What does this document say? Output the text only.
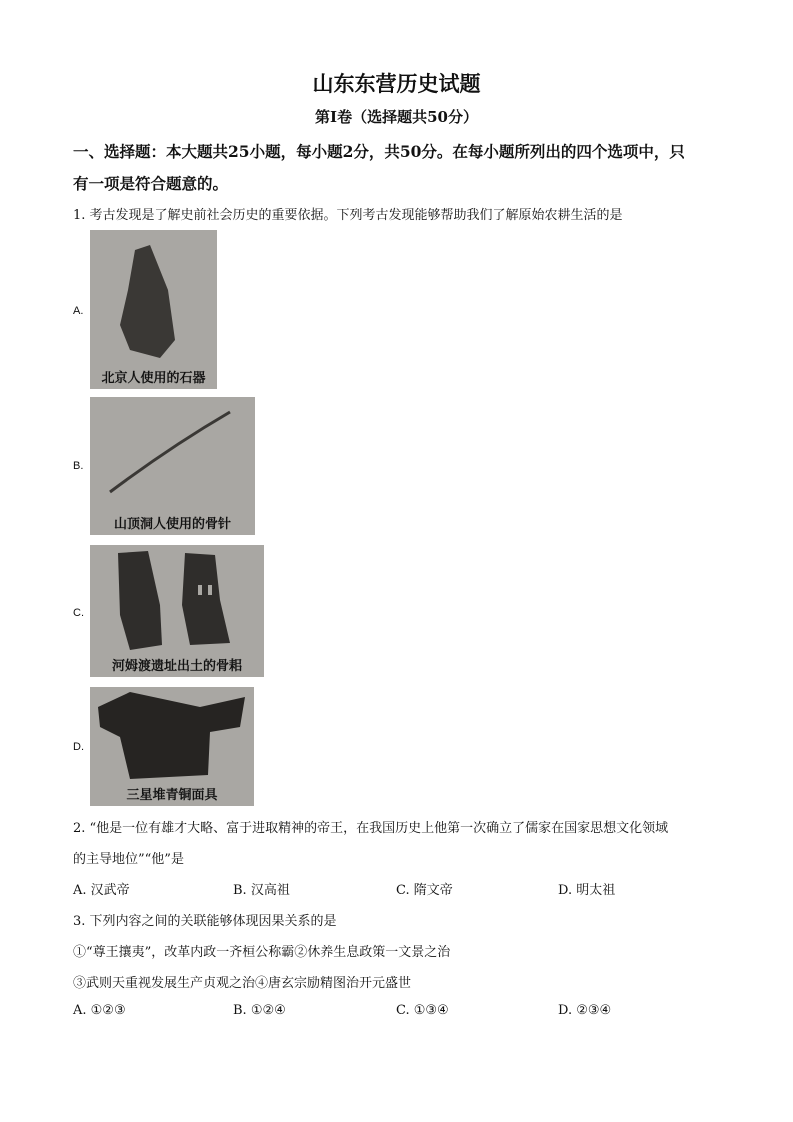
山东东营历史试题
第Ⅰ卷（选择题共50分）
一、选择题：本大题共25小题，每小题2分，共50分。在每小题所列出的四个选项中，只
有一项是符合题意的。
1. 考古发现是了解史前社会历史的重要依据。下列考古发现能够帮助我们了解原始农耕生活的是
A.
北京人使用的石器
B.
山顶洞人使用的骨针
C.
河姆渡遗址出土的骨耜
D.
三星堆青铜面具
2. “他是一位有雄才大略、富于进取精神的帝王，在我国历史上他第一次确立了儒家在国家思想文化领域
的主导地位”“他”是
A. 汉武帝	B. 汉高祖	C. 隋文帝	D. 明太祖
3. 下列内容之间的关联能够体现因果关系的是
①“尊王攘夷”，改革内政一齐桓公称霸②休养生息政策一文景之治
③武则天重视发展生产贞观之治④唐玄宗励精图治开元盛世
A. ①②③	B. ①②④	C. ①③④	D. ②③④
